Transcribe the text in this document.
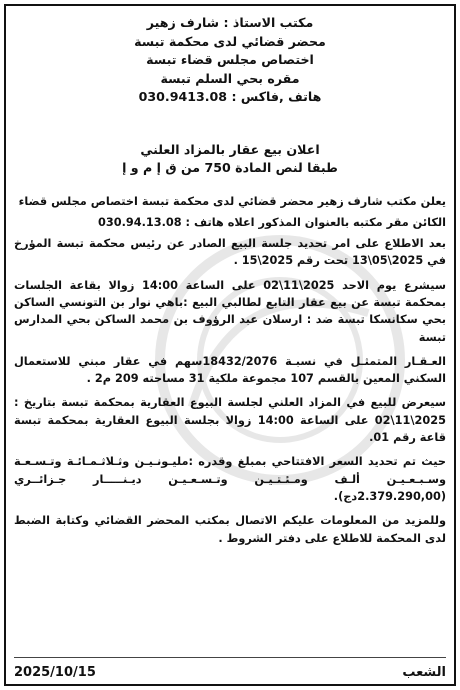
مكتب الاستاذ : شارف زهير
محضر قضائي لدى محكمة تبسة
اختصاص مجلس قضاء تبسة
مقره بحي السلم تبسة
هاتف ,فاكس : 030.9413.08
اعلان بيع عقار بالمزاد العلني
طبقا لنص المادة 750 من ق إ م و إ

يعلن مكتب شارف زهير محضر قضائي لدى محكمة تبسة اختصاص مجلس قضاء

الكائن مقر مكتبه بالعنوان المذكور اعلاه هاتف : 030.94.13.08

بعد الاطلاع على امر تحديد جلسة البيع الصادر عن رئيس محكمة تبسة المؤرخ في 2025\05\13 تحت رقم 2025\15 .

سيشرع يوم الاحد 2025\11\02 على الساعة 14:00 زوالا بقاعة الجلسات بمحكمة تبسة عن بيع عقار التابع لطالبي البيع :باهي نوار بن التونسي الساكن بحي سكانسكا تبسة ضد : ارسلان عبد الرؤوف بن محمد الساكن بحي المدارس تبسة

العـقـار المتمثـل في نسبـة 18432/2076سهم في عقار مبني للاستعمال السكني المعين بالقسم 107 مجموعة ملكية 31 مساحته 209 م2 .

سيعرض للبيع في المزاد العلني لجلسة البيوع العقارية بمحكمة تبسة بتاريخ : 2025\11\02 على الساعة 14:00 زوالا بجلسة البيوع العقارية بمحكمة تبسة قاعة رقم 01.

حيث تم تحديد السعر الافتتاحي بمبلغ وقدره :مليـونـيـن وثـلاثـمـائـة وتـسـعـة وسـبـعـيـن ألـف ومـئـتـيـن وتـسـعـيـن ديـنـــــار جـزائــري (2.379.290,00دج).

وللمزيد من المعلومات عليكم الاتصال بمكتب المحضر القضائي وكتابة الضبط لدى المحكمة للاطلاع على دفتر الشروط .

الشعب
2025/10/15
